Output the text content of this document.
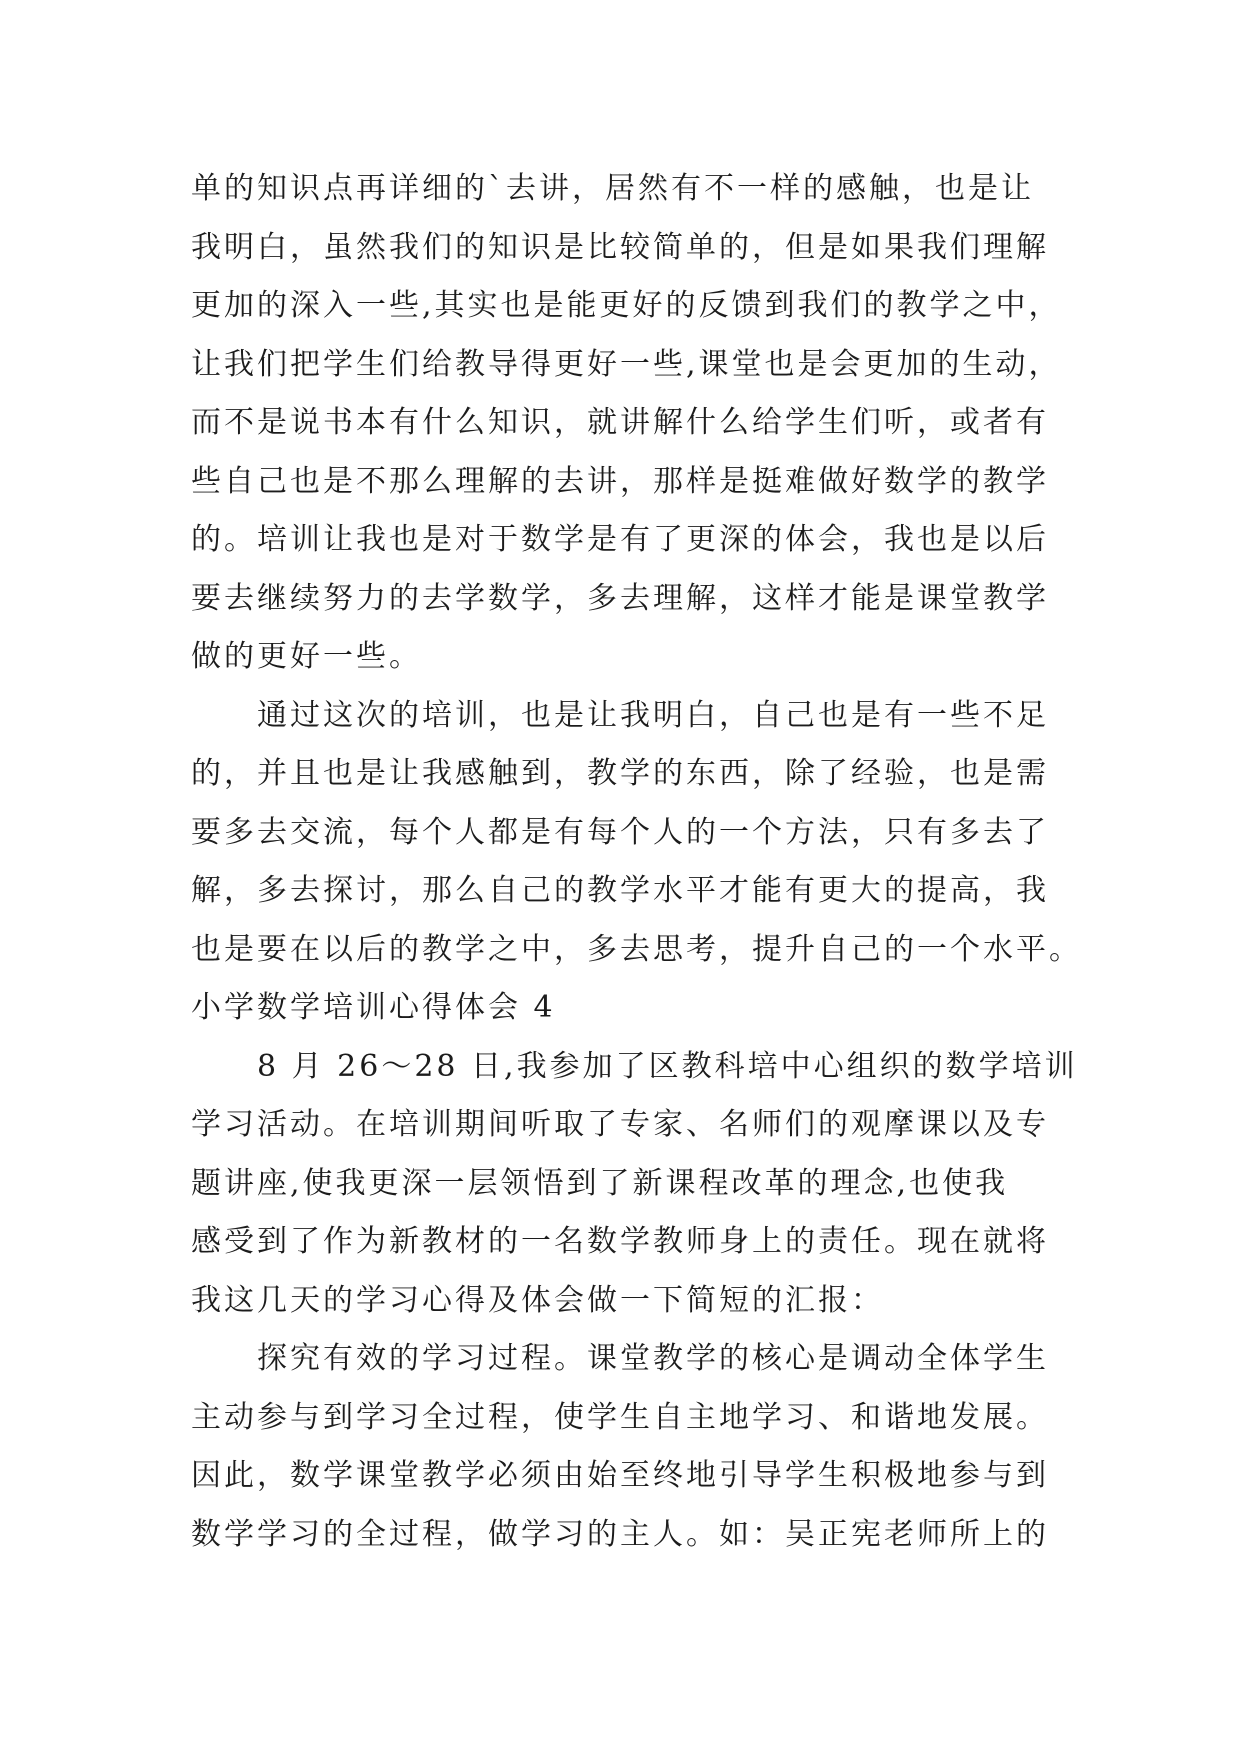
单的知识点再详细的`去讲，居然有不一样的感触，也是让
我明白，虽然我们的知识是比较简单的，但是如果我们理解
更加的深入一些,其实也是能更好的反馈到我们的教学之中，
让我们把学生们给教导得更好一些,课堂也是会更加的生动，
而不是说书本有什么知识，就讲解什么给学生们听，或者有
些自己也是不那么理解的去讲，那样是挺难做好数学的教学
的。培训让我也是对于数学是有了更深的体会，我也是以后
要去继续努力的去学数学，多去理解，这样才能是课堂教学
做的更好一些。
通过这次的培训，也是让我明白，自己也是有一些不足
的，并且也是让我感触到，教学的东西，除了经验，也是需
要多去交流，每个人都是有每个人的一个方法，只有多去了
解，多去探讨，那么自己的教学水平才能有更大的提高，我
也是要在以后的教学之中，多去思考，提升自己的一个水平。
小学数学培训心得体会 4
8 月 26～28 日,我参加了区教科培中心组织的数学培训
学习活动。在培训期间听取了专家、名师们的观摩课以及专
题讲座,使我更深一层领悟到了新课程改革的理念,也使我
感受到了作为新教材的一名数学教师身上的责任。现在就将
我这几天的学习心得及体会做一下简短的汇报：
探究有效的学习过程。课堂教学的核心是调动全体学生
主动参与到学习全过程，使学生自主地学习、和谐地发展。
因此，数学课堂教学必须由始至终地引导学生积极地参与到
数学学习的全过程，做学习的主人。如：吴正宪老师所上的
